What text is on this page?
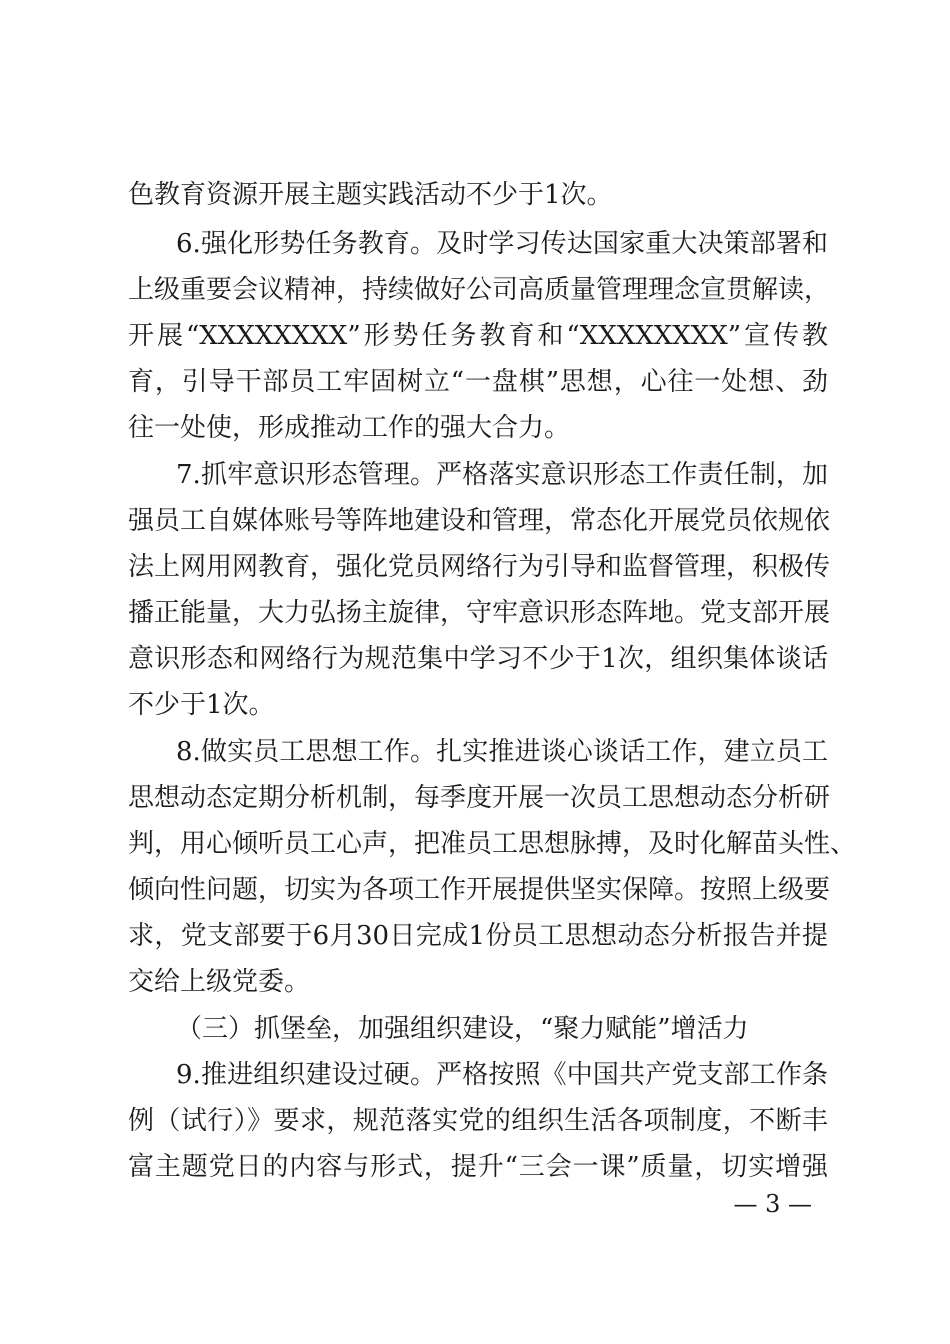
色教育资源开展主题实践活动不少于1次。
6.强化形势任务教育。及时学习传达国家重大决策部署和
上级重要会议精神，持续做好公司高质量管理理念宣贯解读，
开展“XXXXXXXX”形势任务教育和“XXXXXXXX”宣传教
育，引导干部员工牢固树立“一盘棋”思想，心往一处想、劲
往一处使，形成推动工作的强大合力。
7.抓牢意识形态管理。严格落实意识形态工作责任制，加
强员工自媒体账号等阵地建设和管理，常态化开展党员依规依
法上网用网教育，强化党员网络行为引导和监督管理，积极传
播正能量，大力弘扬主旋律，守牢意识形态阵地。党支部开展
意识形态和网络行为规范集中学习不少于1次，组织集体谈话
不少于1次。
8.做实员工思想工作。扎实推进谈心谈话工作，建立员工
思想动态定期分析机制，每季度开展一次员工思想动态分析研
判，用心倾听员工心声，把准员工思想脉搏，及时化解苗头性、
倾向性问题，切实为各项工作开展提供坚实保障。按照上级要
求，党支部要于6月30日完成1份员工思想动态分析报告并提
交给上级党委。
（三）抓堡垒，加强组织建设，“聚力赋能”增活力
9.推进组织建设过硬。严格按照《中国共产党支部工作条
例（试行）》要求，规范落实党的组织生活各项制度，不断丰
富主题党日的内容与形式，提升“三会一课”质量，切实增强
— 3 —
